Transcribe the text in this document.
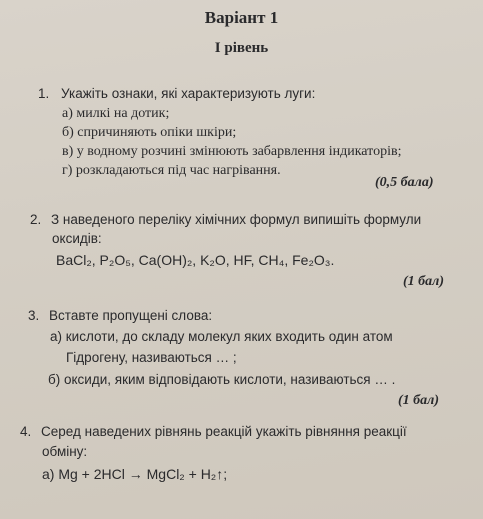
Варіант 1
І рівень
1. Укажіть ознаки, які характеризують луги:
а) милкі на дотик;
б) спричиняють опіки шкіри;
в) у водному розчині змінюють забарвлення індикаторів;
г) розкладаються під час нагрівання.
(0,5 бала)
2. З наведеного переліку хімічних формул випишіть формули
оксидів:
BaCl₂, P₂O₅, Ca(OH)₂, K₂O, HF, CH₄, Fe₂O₃.
(1 бал)
3. Вставте пропущені слова:
а) кислоти, до складу молекул яких входить один атом
Гідрогену, називаються … ;
б) оксиди, яким відповідають кислоти, називаються … .
(1 бал)
4. Серед наведених рівнянь реакцій укажіть рівняння реакції
обміну:
а) Mg + 2HCl → MgCl₂ + H₂↑;
